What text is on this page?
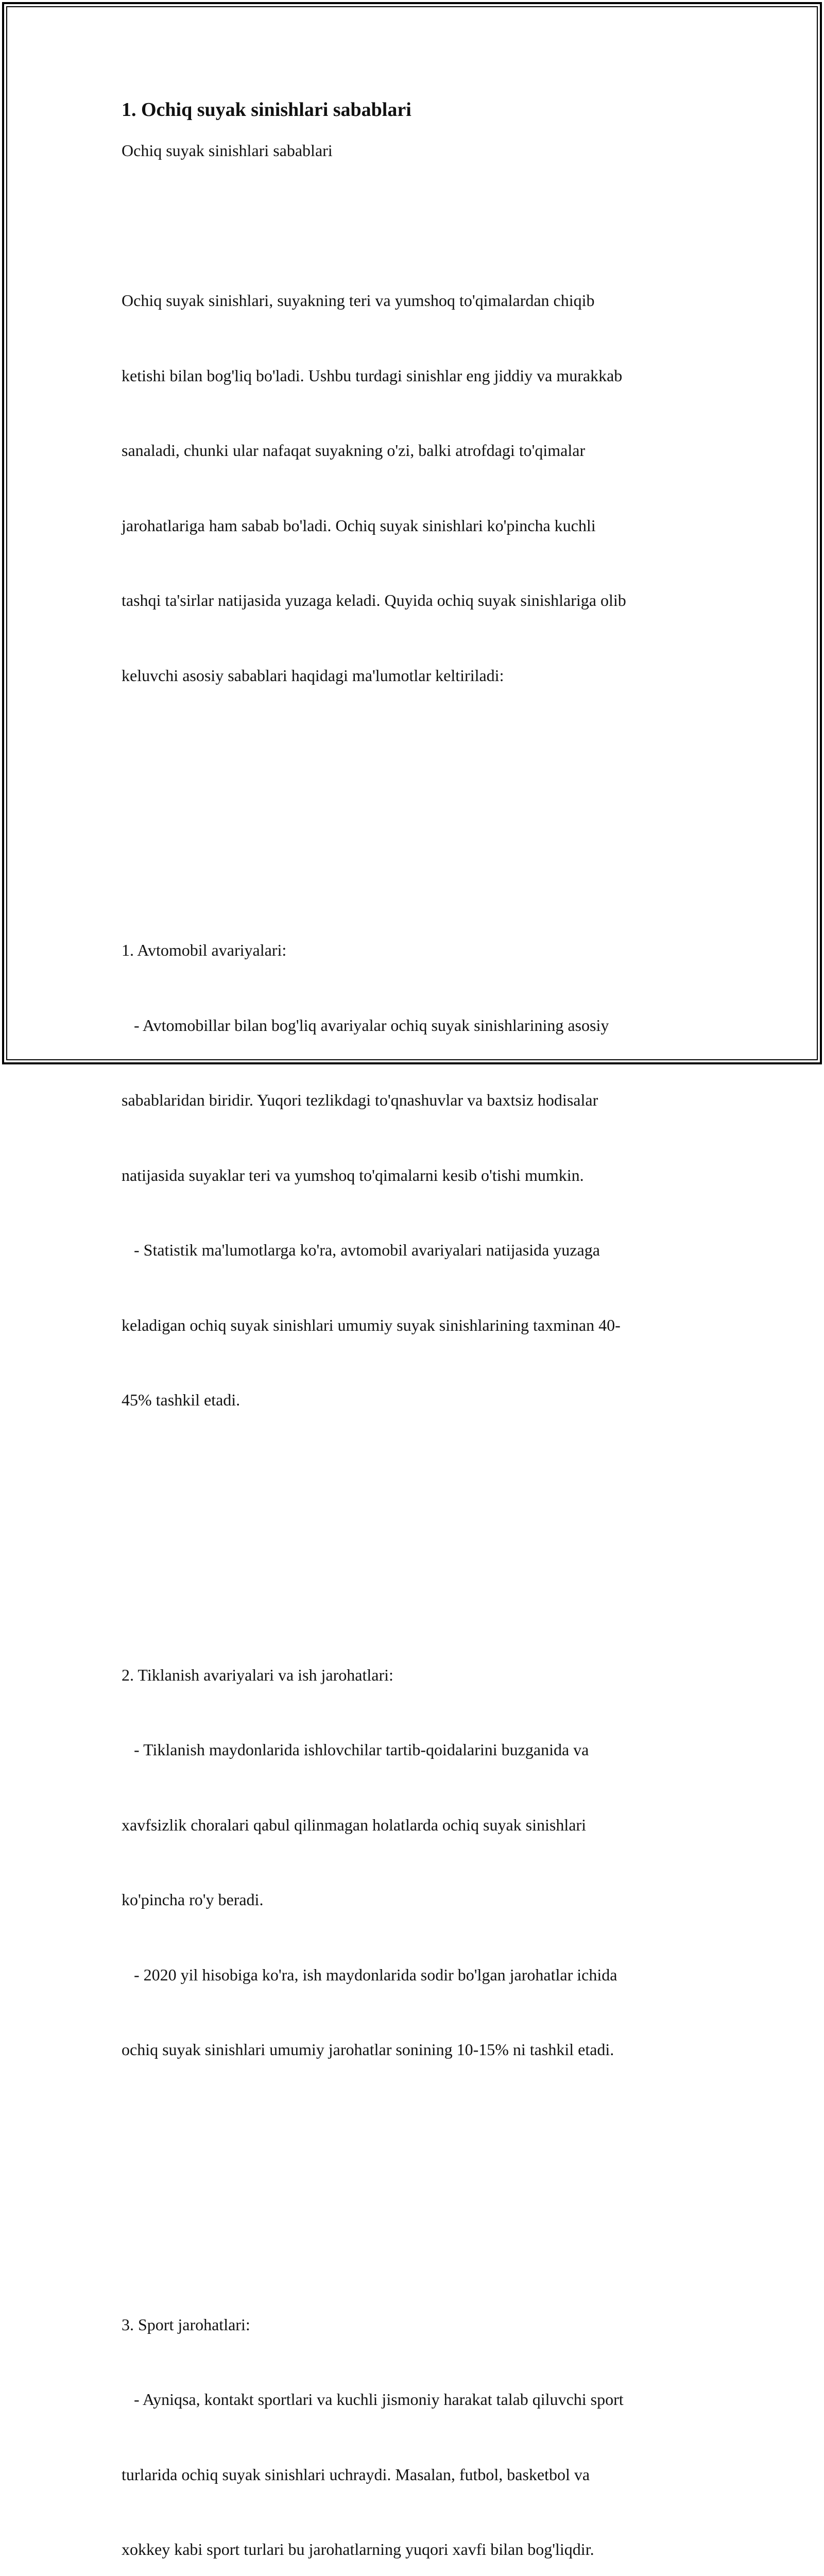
1. Ochiq suyak sinishlari sabablari

Ochiq suyak sinishlari sabablari

Ochiq suyak sinishlari, suyakning teri va yumshoq to'qimalardan chiqib

ketishi bilan bog'liq bo'ladi. Ushbu turdagi sinishlar eng jiddiy va murakkab

sanaladi, chunki ular nafaqat suyakning o'zi, balki atrofdagi to'qimalar

jarohatlariga ham sabab bo'ladi. Ochiq suyak sinishlari ko'pincha kuchli

tashqi ta'sirlar natijasida yuzaga keladi. Quyida ochiq suyak sinishlariga olib

keluvchi asosiy sabablari haqidagi ma'lumotlar keltiriladi:

1. Avtomobil avariyalari:

- Avtomobillar bilan bog'liq avariyalar ochiq suyak sinishlarining asosiy

sabablaridan biridir. Yuqori tezlikdagi to'qnashuvlar va baxtsiz hodisalar

natijasida suyaklar teri va yumshoq to'qimalarni kesib o'tishi mumkin.

- Statistik ma'lumotlarga ko'ra, avtomobil avariyalari natijasida yuzaga

keladigan ochiq suyak sinishlari umumiy suyak sinishlarining taxminan 40-

45% tashkil etadi.

2. Tiklanish avariyalari va ish jarohatlari:

- Tiklanish maydonlarida ishlovchilar tartib-qoidalarini buzganida va

xavfsizlik choralari qabul qilinmagan holatlarda ochiq suyak sinishlari

ko'pincha ro'y beradi.

- 2020 yil hisobiga ko'ra, ish maydonlarida sodir bo'lgan jarohatlar ichida

ochiq suyak sinishlari umumiy jarohatlar sonining 10-15% ni tashkil etadi.

3. Sport jarohatlari:

- Ayniqsa, kontakt sportlari va kuchli jismoniy harakat talab qiluvchi sport

turlarida ochiq suyak sinishlari uchraydi. Masalan, futbol, basketbol va

xokkey kabi sport turlari bu jarohatlarning yuqori xavfi bilan bog'liqdir.
